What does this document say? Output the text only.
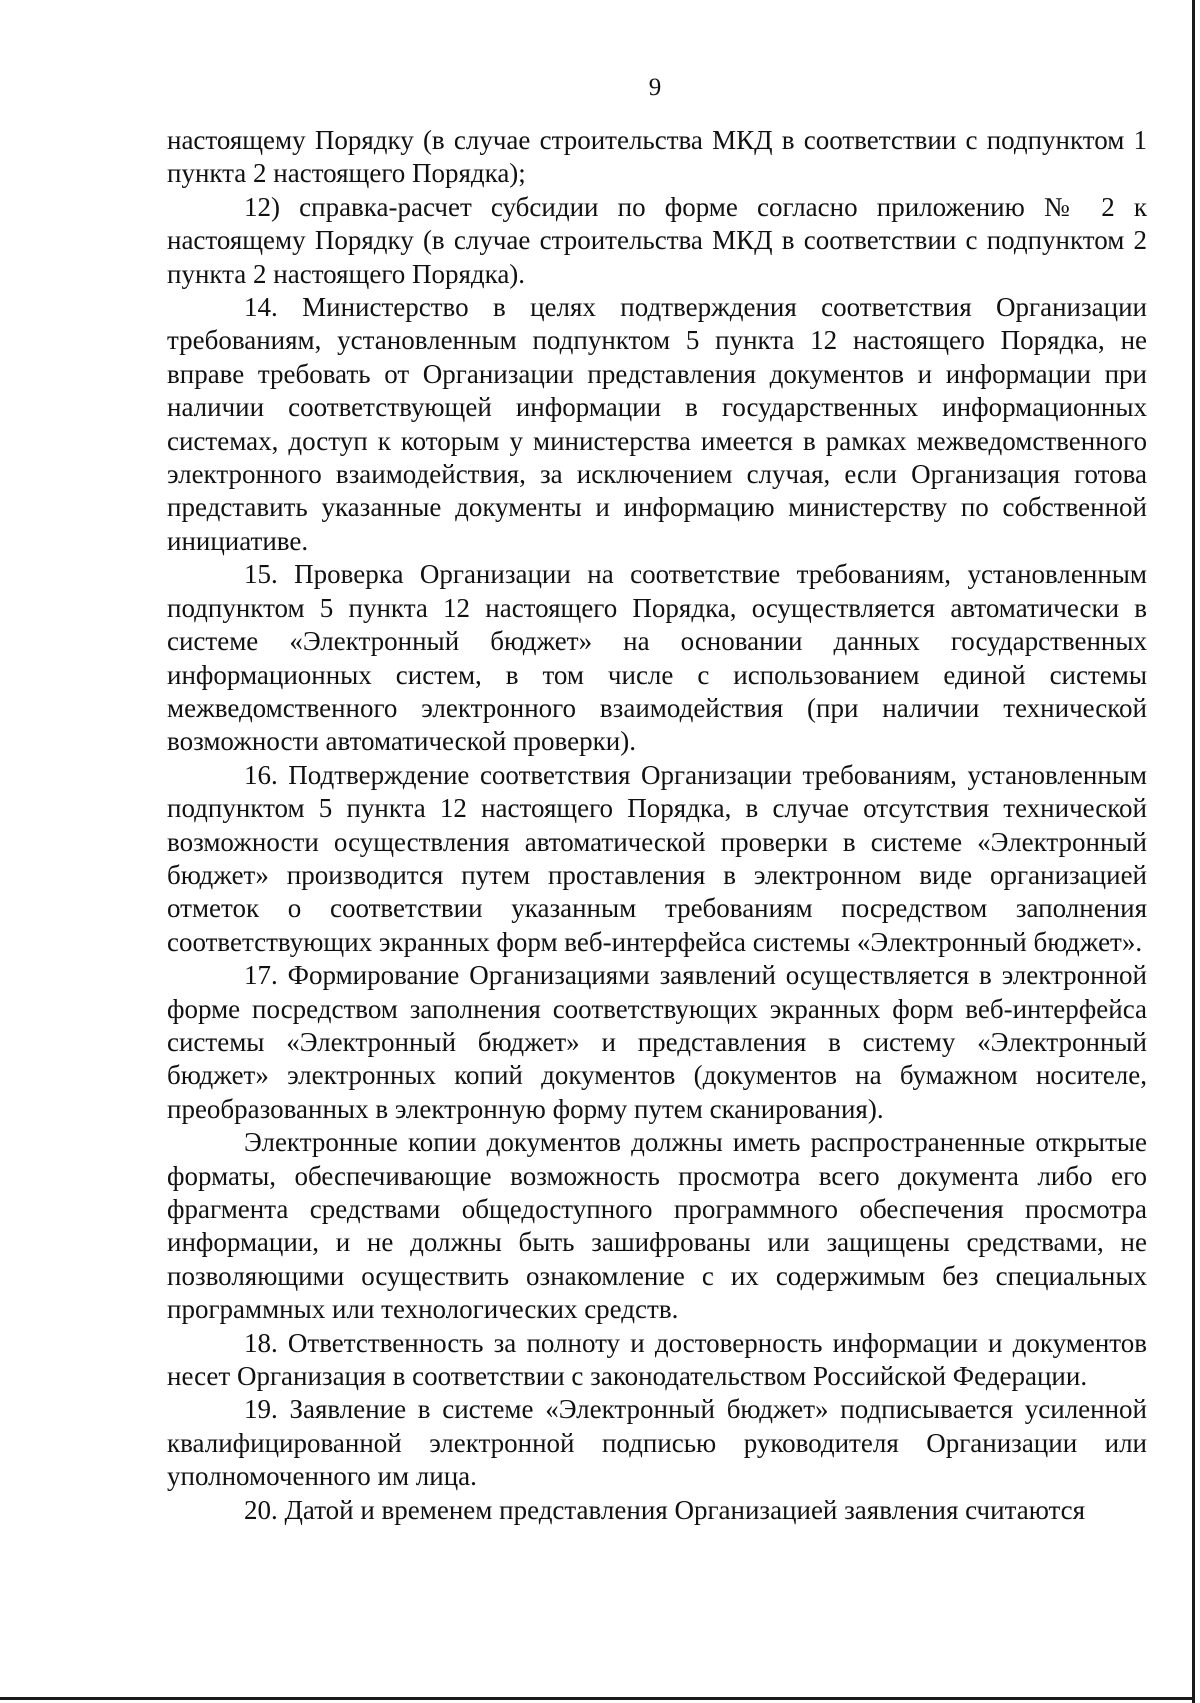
9

настоящему Порядку (в случае строительства МКД в соответствии с подпунктом 1 пункта 2 настоящего Порядка);

12) справка-расчет субсидии по форме согласно приложению № 2 к настоящему Порядку (в случае строительства МКД в соответствии с подпунктом 2 пункта 2 настоящего Порядка).

14. Министерство в целях подтверждения соответствия Организации требованиям, установленным подпунктом 5 пункта 12 настоящего Порядка, не вправе требовать от Организации представления документов и информации при наличии соответствующей информации в государственных информационных системах, доступ к которым у министерства имеется в рамках межведомственного электронного взаимодействия, за исключением случая, если Организация готова представить указанные документы и информацию министерству по собственной инициативе.

15. Проверка Организации на соответствие требованиям, установленным подпунктом 5 пункта 12 настоящего Порядка, осуществляется автоматически в системе «Электронный бюджет» на основании данных государственных информационных систем, в том числе с использованием единой системы межведомственного электронного взаимодействия (при наличии технической возможности автоматической проверки).

16. Подтверждение соответствия Организации требованиям, установленным подпунктом 5 пункта 12 настоящего Порядка, в случае отсутствия технической возможности осуществления автоматической проверки в системе «Электронный бюджет» производится путем проставления в электронном виде организацией отметок о соответствии указанным требованиям посредством заполнения соответствующих экранных форм веб-интерфейса системы «Электронный бюджет».

17. Формирование Организациями заявлений осуществляется в электронной форме посредством заполнения соответствующих экранных форм веб-интерфейса системы «Электронный бюджет» и представления в систему «Электронный бюджет» электронных копий документов (документов на бумажном носителе, преобразованных в электронную форму путем сканирования).

Электронные копии документов должны иметь распространенные открытые форматы, обеспечивающие возможность просмотра всего документа либо его фрагмента средствами общедоступного программного обеспечения просмотра информации, и не должны быть зашифрованы или защищены средствами, не позволяющими осуществить ознакомление с их содержимым без специальных программных или технологических средств.

18. Ответственность за полноту и достоверность информации и документов несет Организация в соответствии с законодательством Российской Федерации.

19. Заявление в системе «Электронный бюджет» подписывается усиленной квалифицированной электронной подписью руководителя Организации или уполномоченного им лица.

20. Датой и временем представления Организацией заявления считаются
